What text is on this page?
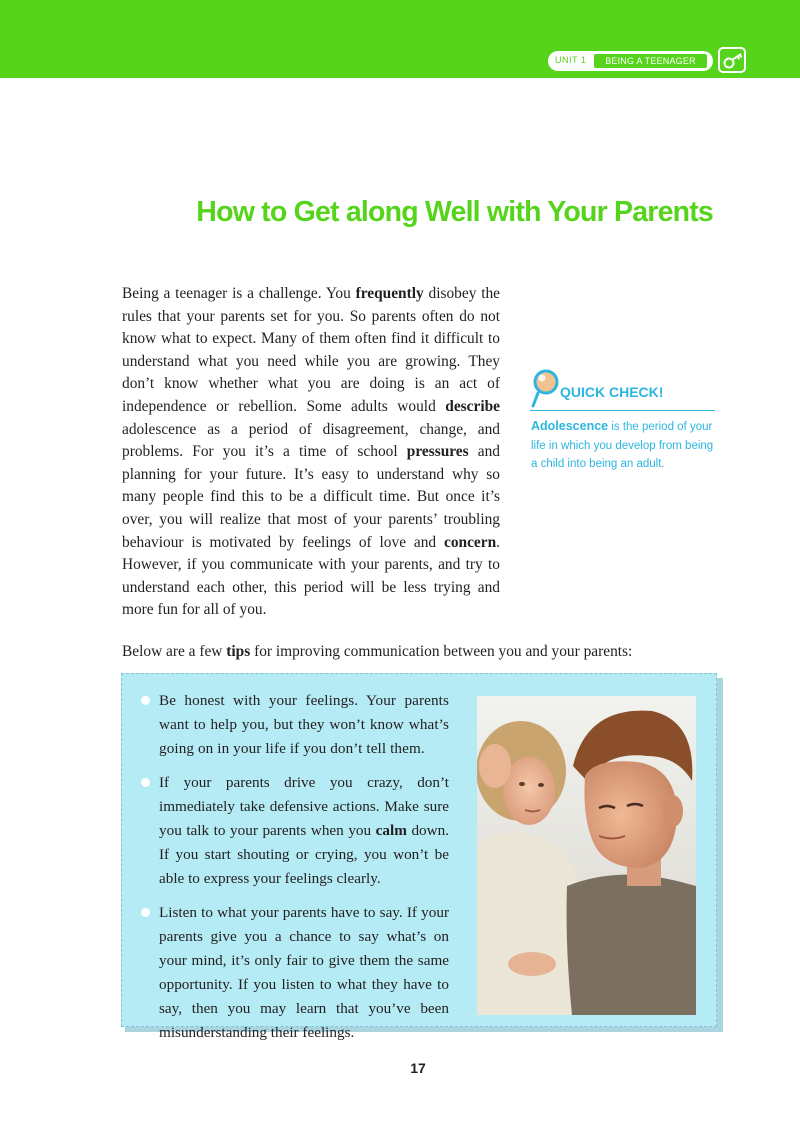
UNIT 1	BEING A TEENAGER
How to Get along Well with Your Parents

Being a teenager is a challenge. You frequently disobey the rules that your parents set for you. So parents often do not know what to expect. Many of them often find it difficult to understand what you need while you are growing. They don’t know whether what you are doing is an act of independence or rebellion. Some adults would describe adolescence as a period of disagreement, change, and problems. For you it’s a time of school pressures and planning for your future. It’s easy to understand why so many people find this to be a difficult time. But once it’s over, you will realize that most of your parents’ troubling behaviour is motivated by feelings of love and concern. However, if you communicate with your parents, and try to understand each other, this period will be less trying and more fun for all of you.

QUICK CHECK!

Adolescence is the period of your life in which you develop from being a child into being an adult.

Below are a few tips for improving communication between you and your parents:

Be honest with your feelings. Your parents want to help you, but they won’t know what’s going on in your life if you don’t tell them.
If your parents drive you crazy, don’t immediately take defensive actions. Make sure you talk to your parents when you calm down. If you start shouting or crying, you won’t be able to express your feelings clearly.
Listen to what your parents have to say. If your parents give you a chance to say what’s on your mind, it’s only fair to give them the same opportunity. If you listen to what they have to say, then you may learn that you’ve been misunderstanding their feelings.

17
